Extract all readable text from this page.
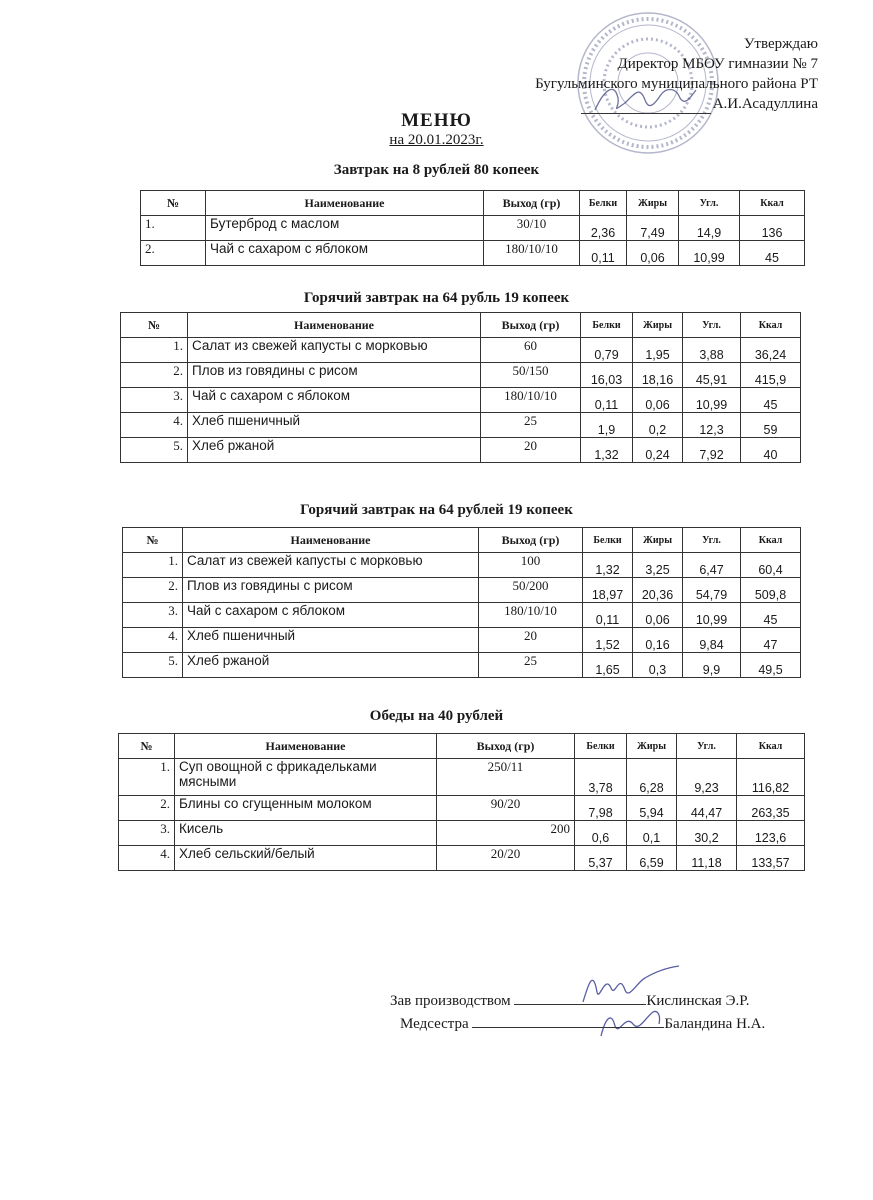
Утверждаю
Директор МБОУ гимназии № 7
Бугульминского муниципального района РТ
А.И.Асадуллина
МЕНЮ
на 20.01.2023г.
Завтрак на 8 рублей 80 копеек
№	Наименование	Выход (гр)	Белки	Жиры	Угл.	Ккал
1.	Бутерброд с маслом	30/10	2,36	7,49	14,9	136
2.	Чай с сахаром с яблоком	180/10/10	0,11	0,06	10,99	45
Горячий завтрак на 64 рубль 19 копеек
№	Наименование	Выход (гр)	Белки	Жиры	Угл.	Ккал
1.	Салат из свежей капусты с морковью	60	0,79	1,95	3,88	36,24
2.	Плов из говядины с рисом	50/150	16,03	18,16	45,91	415,9
3.	Чай с сахаром с яблоком	180/10/10	0,11	0,06	10,99	45
4.	Хлеб пшеничный	25	1,9	0,2	12,3	59
5.	Хлеб ржаной	20	1,32	0,24	7,92	40
Горячий завтрак на 64 рублей 19 копеек
№	Наименование	Выход (гр)	Белки	Жиры	Угл.	Ккал
1.	Салат из свежей капусты с морковью	100	1,32	3,25	6,47	60,4
2.	Плов из говядины с рисом	50/200	18,97	20,36	54,79	509,8
3.	Чай с сахаром с яблоком	180/10/10	0,11	0,06	10,99	45
4.	Хлеб пшеничный	20	1,52	0,16	9,84	47
5.	Хлеб ржаной	25	1,65	0,3	9,9	49,5
Обеды на 40 рублей
№	Наименование	Выход (гр)	Белки	Жиры	Угл.	Ккал
1.	Суп овощной с фрикадельками мясными	250/11	3,78	6,28	9,23	116,82
2.	Блины со сгущенным молоком	90/20	7,98	5,94	44,47	263,35
3.	Кисель	200	0,6	0,1	30,2	123,6
4.	Хлеб сельский/белый	20/20	5,37	6,59	11,18	133,57
Зав производством	Кислинская Э.Р.
Медсестра	Баландина Н.А.
